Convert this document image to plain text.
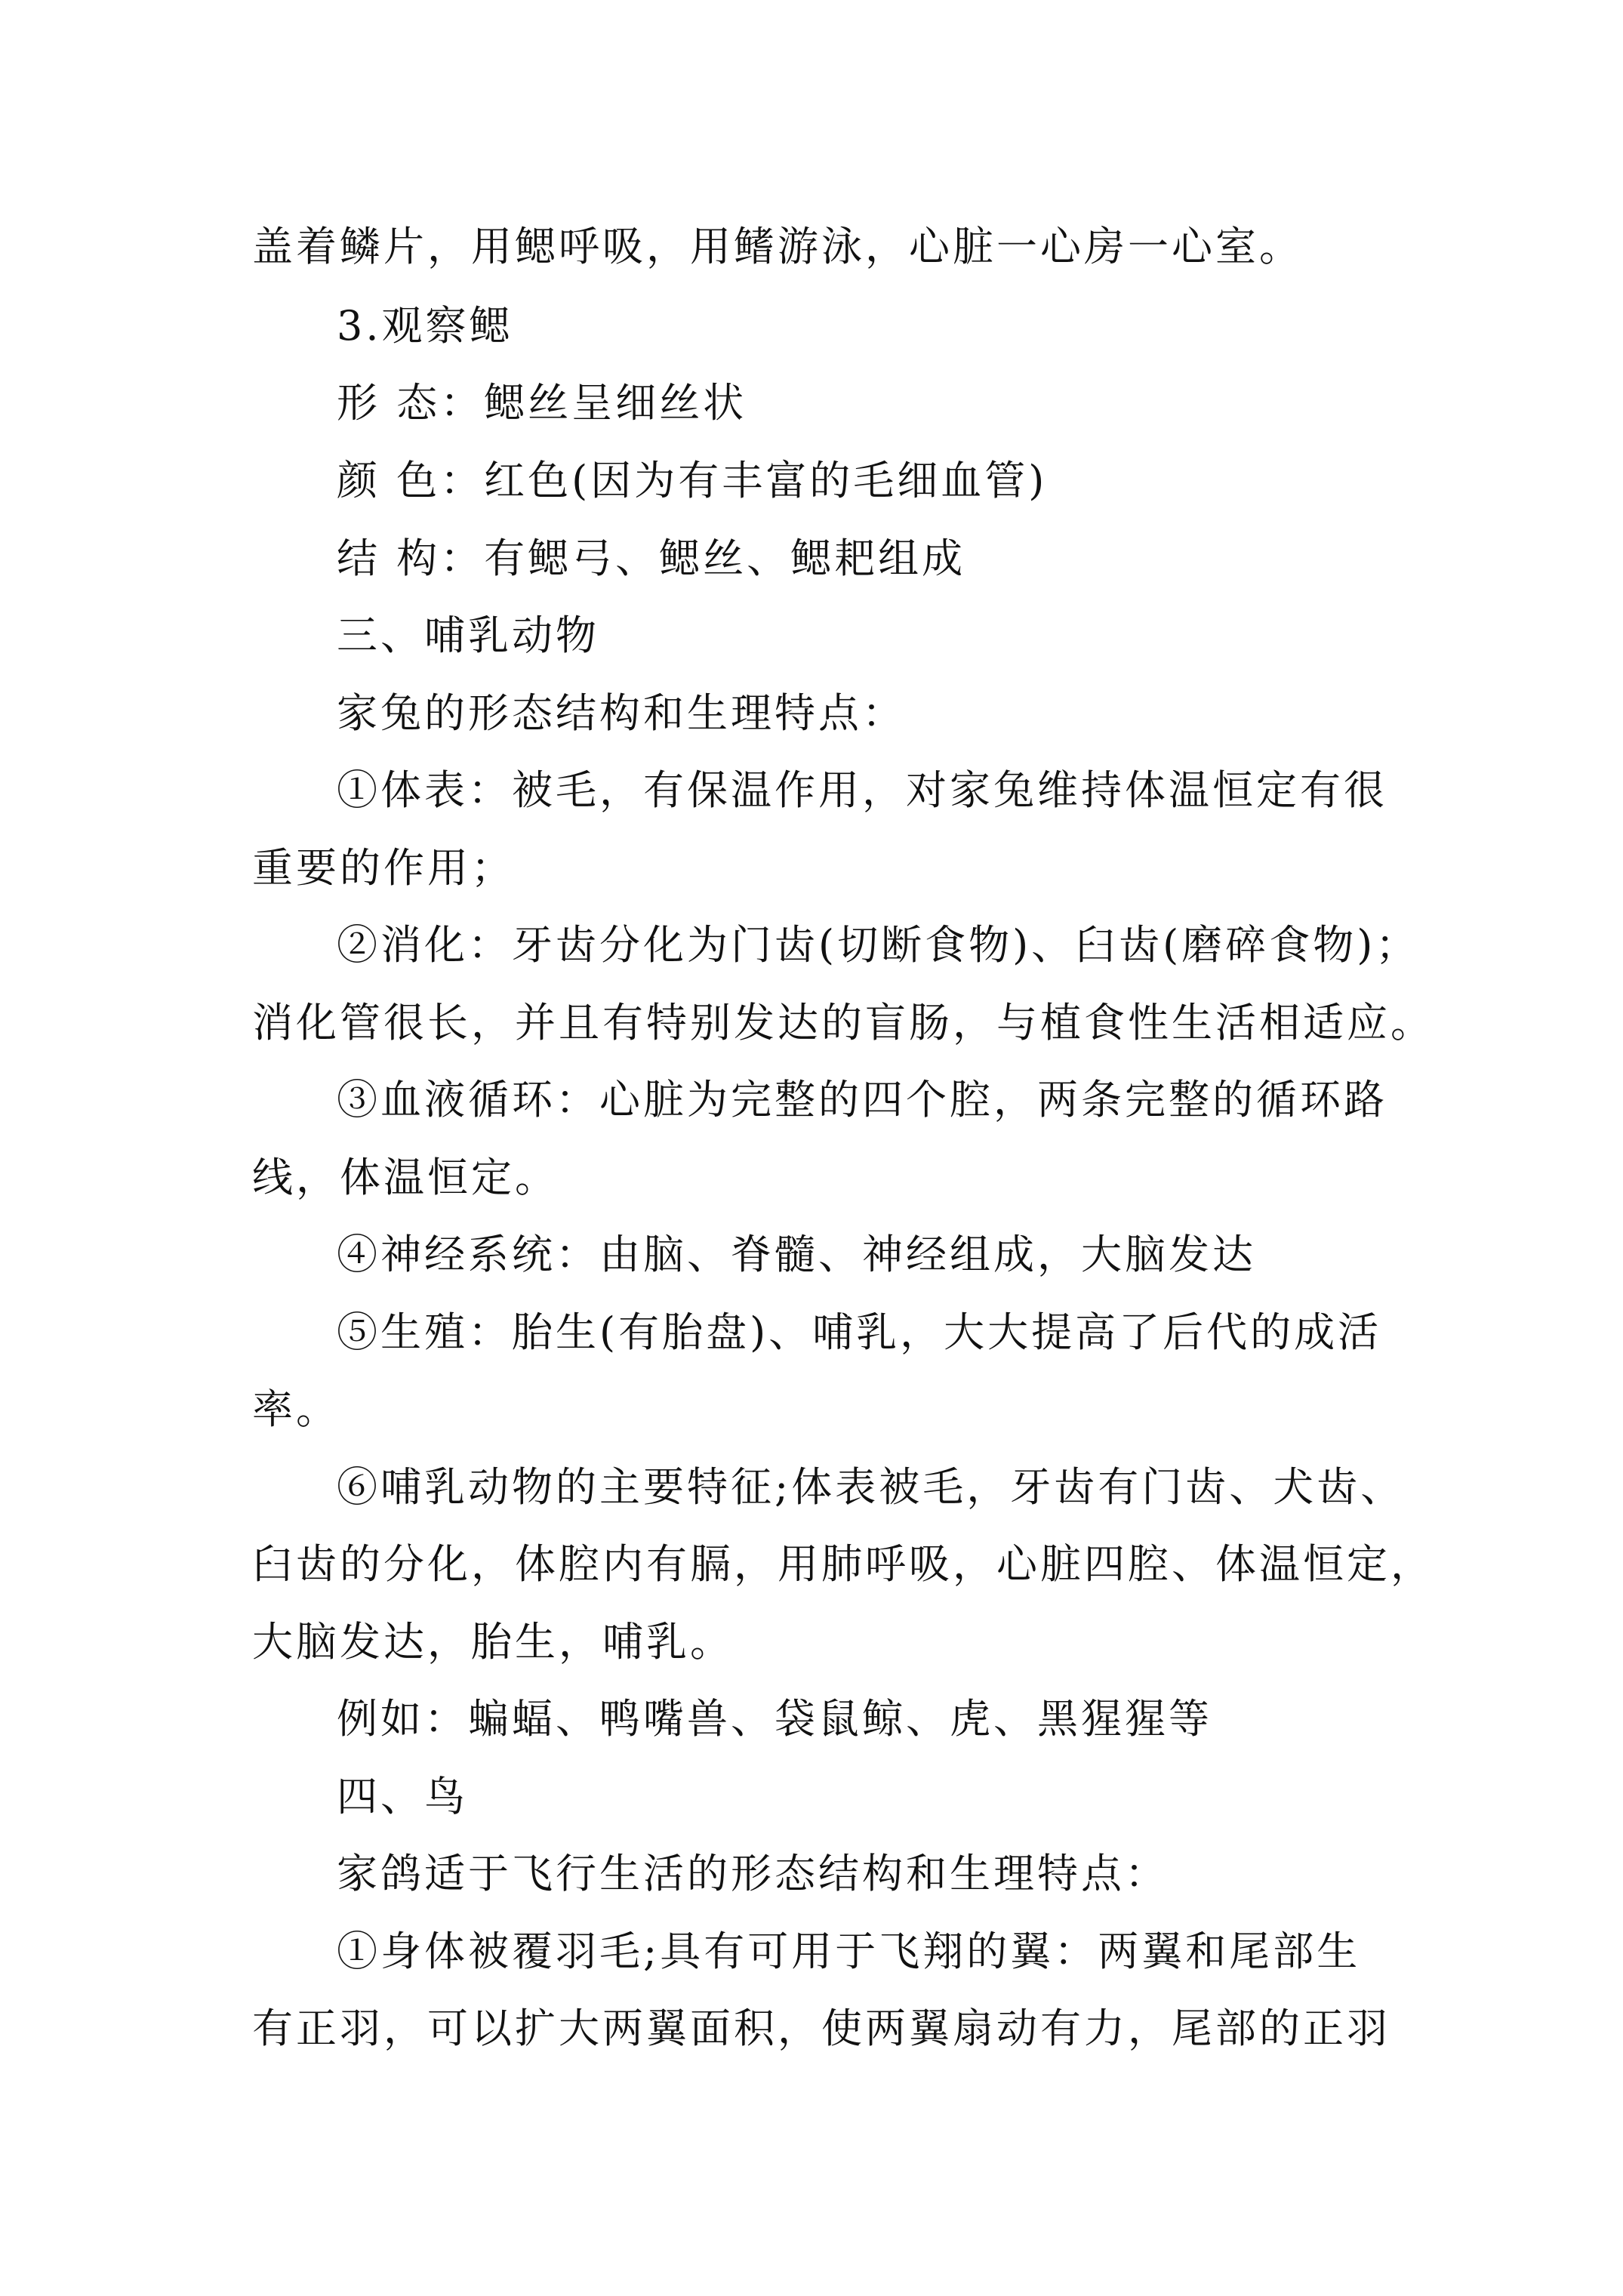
盖着鳞片，用鳃呼吸，用鳍游泳，心脏一心房一心室。
3.观察鳃
形 态：鳃丝呈细丝状
颜 色：红色(因为有丰富的毛细血管)
结 构：有鳃弓、鳃丝、鳃耙组成
三、哺乳动物
家兔的形态结构和生理特点：
①体表：被毛，有保温作用，对家兔维持体温恒定有很
重要的作用；
②消化：牙齿分化为门齿(切断食物)、臼齿(磨碎食物)；
消化管很长，并且有特别发达的盲肠，与植食性生活相适应。
③血液循环：心脏为完整的四个腔，两条完整的循环路
线，体温恒定。
④神经系统：由脑、脊髓、神经组成，大脑发达
⑤生殖：胎生(有胎盘)、哺乳，大大提高了后代的成活
率。
⑥哺乳动物的主要特征;体表被毛，牙齿有门齿、犬齿、
臼齿的分化，体腔内有膈，用肺呼吸，心脏四腔、体温恒定，
大脑发达，胎生，哺乳。
例如：蝙蝠、鸭嘴兽、袋鼠鲸、虎、黑猩猩等
四、鸟
家鸽适于飞行生活的形态结构和生理特点：
①身体被覆羽毛;具有可用于飞翔的翼：两翼和尾部生
有正羽，可以扩大两翼面积，使两翼扇动有力，尾部的正羽
